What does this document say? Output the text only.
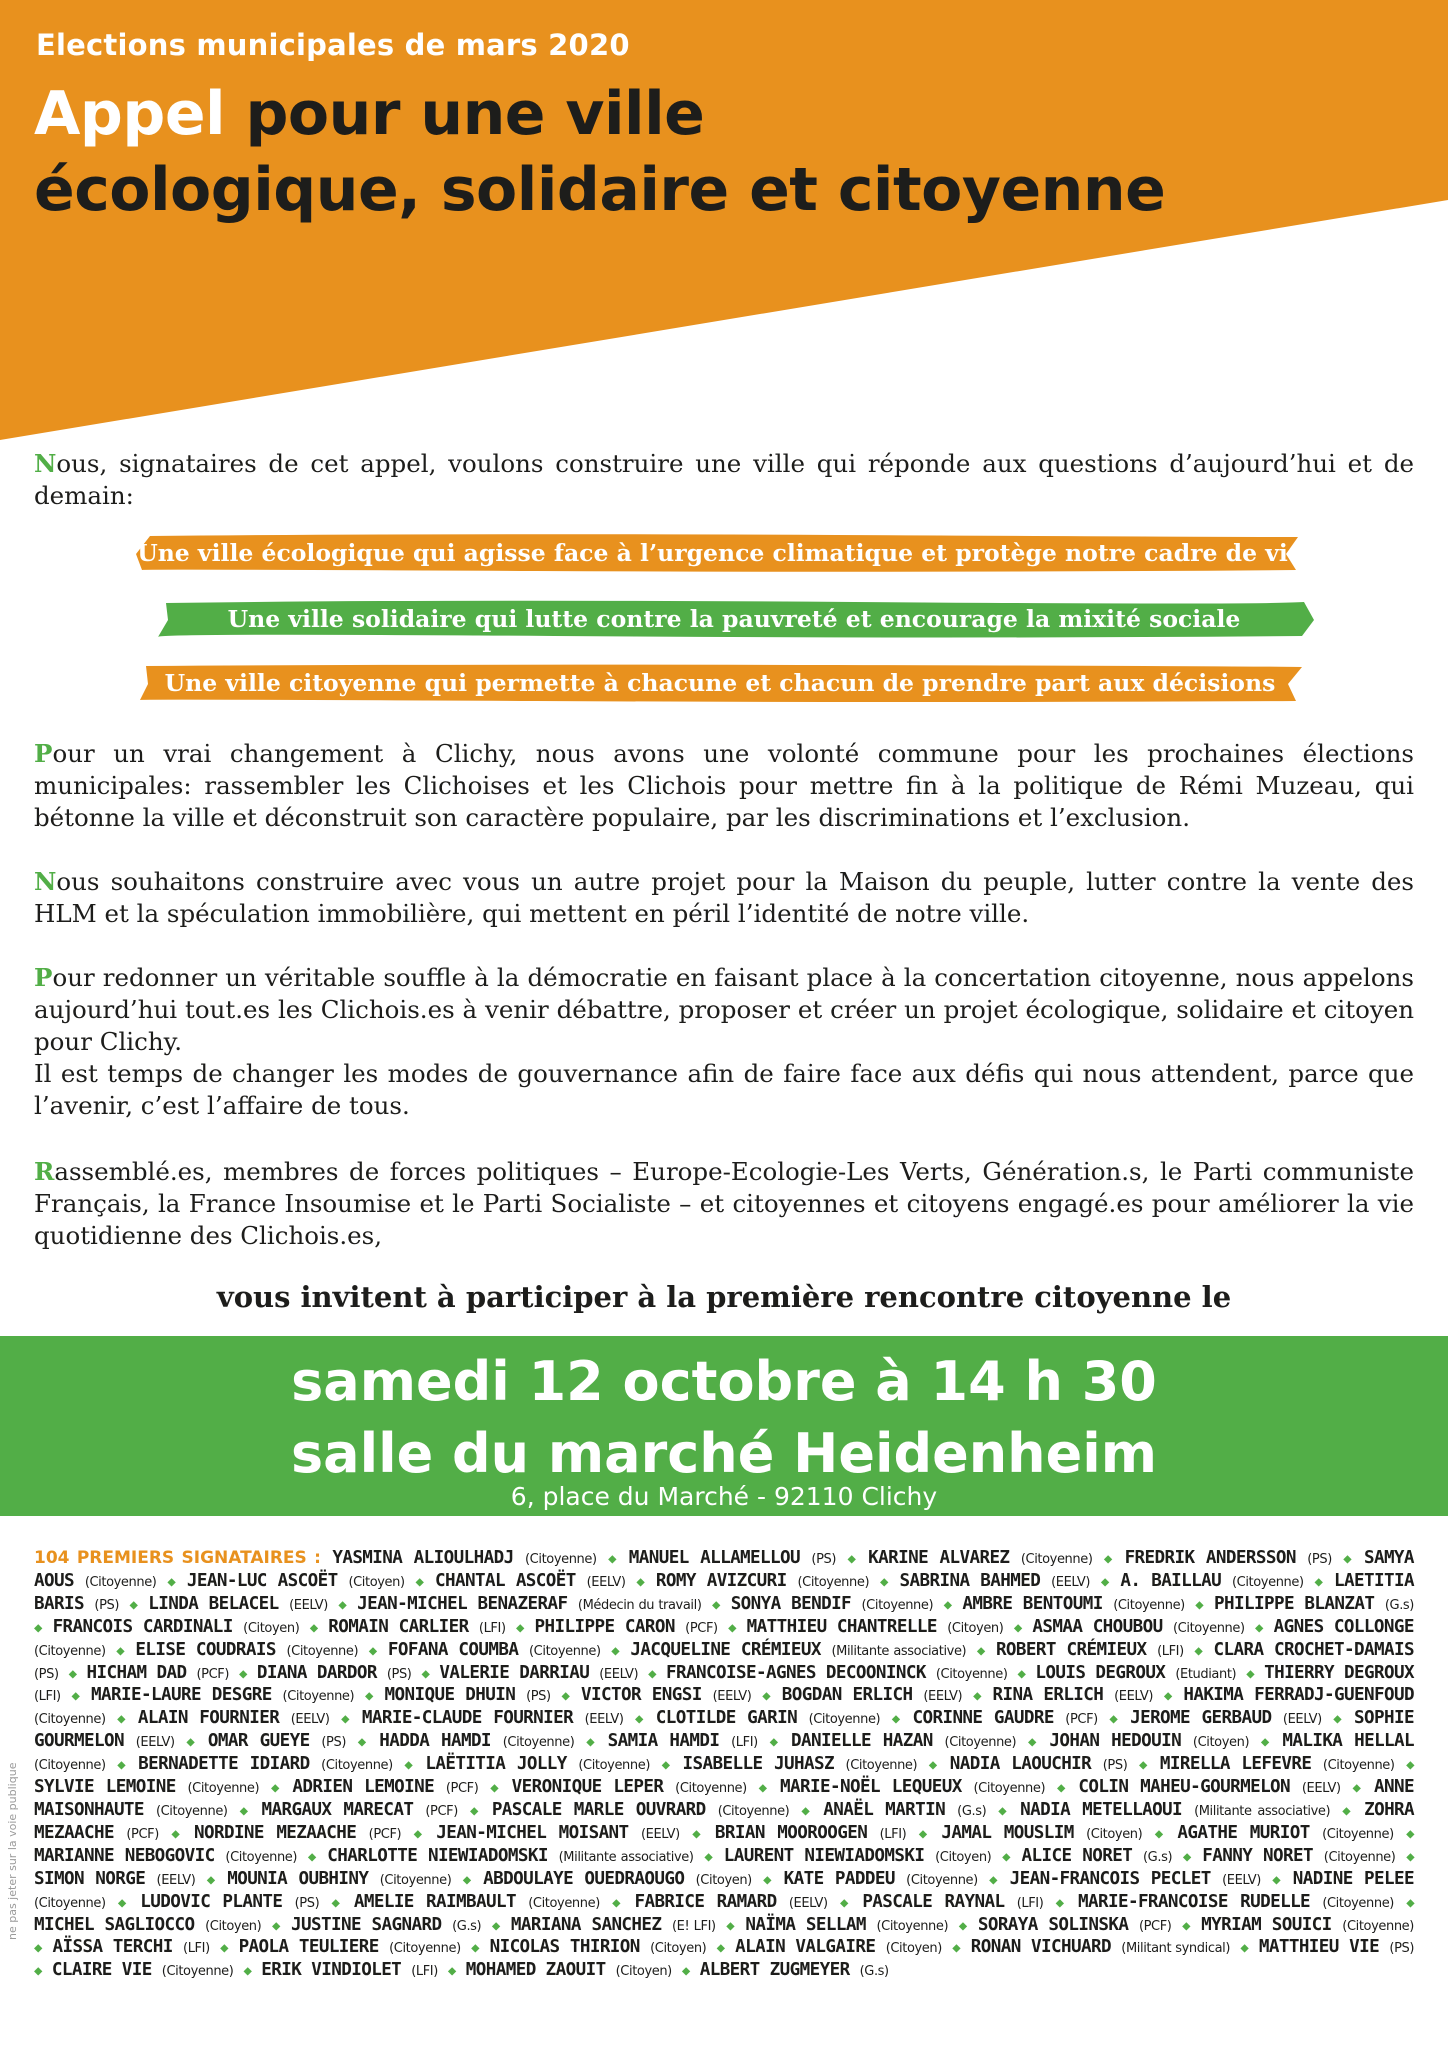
Elections municipales de mars 2020
Appel pour une ville
écologique, solidaire et citoyenne
Nous, signataires de cet appel, voulons construire une ville qui réponde aux questions d’aujourd’hui et de demain:
Une ville écologique qui agisse face à l’urgence climatique et protège notre cadre de vie
Une ville solidaire qui lutte contre la pauvreté et encourage la mixité sociale
Une ville citoyenne qui permette à chacune et chacun de prendre part aux décisions
Pour un vrai changement à Clichy, nous avons une volonté commune pour les prochaines élections municipales: rassembler les Clichoises et les Clichois pour mettre fin à la politique de Rémi Muzeau, qui bétonne la ville et déconstruit son caractère populaire, par les discriminations et l’exclusion.
Nous souhaitons construire avec vous un autre projet pour la Maison du peuple, lutter contre la vente des HLM et la spéculation immobilière, qui mettent en péril l’identité de notre ville.
Pour redonner un véritable souffle à la démocratie en faisant place à la concertation citoyenne, nous appelons aujourd’hui tout.es les Clichois.es à venir débattre, proposer et créer un projet écologique, solidaire et citoyen pour Clichy.
Il est temps de changer les modes de gouvernance afin de faire face aux défis qui nous attendent, parce que l’avenir, c’est l’affaire de tous.
Rassemblé.es, membres de forces politiques – Europe-Ecologie-Les Verts, Génération.s, le Parti communiste Français, la France Insoumise et le Parti Socialiste – et citoyennes et citoyens engagé.es pour améliorer la vie quotidienne des Clichois.es,
vous invitent à participer à la première rencontre citoyenne le
samedi 12 octobre à 14 h 30
salle du marché Heidenheim
6, place du Marché - 92110 Clichy
104 PREMIERS SIGNATAIRES : YASMINA ALIOULHADJ (Citoyenne) ◆ MANUEL ALLAMELLOU (PS) ◆ KARINE ALVAREZ (Citoyenne) ◆ FREDRIK ANDERSSON (PS) ◆ SAMYA AOUS (Citoyenne) ◆ JEAN-LUC ASCOËT (Citoyen) ◆ CHANTAL ASCOËT (EELV) ◆ ROMY AVIZCURI (Citoyenne) ◆ SABRINA BAHMED (EELV) ◆ A. BAILLAU (Citoyenne) ◆ LAETITIA BARIS (PS) ◆ LINDA BELACEL (EELV) ◆ JEAN-MICHEL BENAZERAF (Médecin du travail) ◆ SONYA BENDIF (Citoyenne) ◆ AMBRE BENTOUMI (Citoyenne) ◆ PHILIPPE BLANZAT (G.s) ◆ FRANCOIS CARDINALI (Citoyen) ◆ ROMAIN CARLIER (LFI) ◆ PHILIPPE CARON (PCF) ◆ MATTHIEU CHANTRELLE (Citoyen) ◆ ASMAA CHOUBOU (Citoyenne) ◆ AGNES COLLONGE (Citoyenne) ◆ ELISE COUDRAIS (Citoyenne) ◆ FOFANA COUMBA (Citoyenne) ◆ JACQUELINE CRÉMIEUX (Militante associative) ◆ ROBERT CRÉMIEUX (LFI) ◆ CLARA CROCHET-DAMAIS (PS) ◆ HICHAM DAD (PCF) ◆ DIANA DARDOR (PS) ◆ VALERIE DARRIAU (EELV) ◆ FRANCOISE-AGNES DECOONINCK (Citoyenne) ◆ LOUIS DEGROUX (Etudiant) ◆ THIERRY DEGROUX (LFI) ◆ MARIE-LAURE DESGRE (Citoyenne) ◆ MONIQUE DHUIN (PS) ◆ VICTOR ENGSI (EELV) ◆ BOGDAN ERLICH (EELV) ◆ RINA ERLICH (EELV) ◆ HAKIMA FERRADJ-GUENFOUD (Citoyenne) ◆ ALAIN FOURNIER (EELV) ◆ MARIE-CLAUDE FOURNIER (EELV) ◆ CLOTILDE GARIN (Citoyenne) ◆ CORINNE GAUDRE (PCF) ◆ JEROME GERBAUD (EELV) ◆ SOPHIE GOURMELON (EELV) ◆ OMAR GUEYE (PS) ◆ HADDA HAMDI (Citoyenne) ◆ SAMIA HAMDI (LFI) ◆ DANIELLE HAZAN (Citoyenne) ◆ JOHAN HEDOUIN (Citoyen) ◆ MALIKA HELLAL (Citoyenne) ◆ BERNADETTE IDIARD (Citoyenne) ◆ LAËTITIA JOLLY (Citoyenne) ◆ ISABELLE JUHASZ (Citoyenne) ◆ NADIA LAOUCHIR (PS) ◆ MIRELLA LEFEVRE (Citoyenne) ◆ SYLVIE LEMOINE (Citoyenne) ◆ ADRIEN LEMOINE (PCF) ◆ VERONIQUE LEPER (Citoyenne) ◆ MARIE-NOËL LEQUEUX (Citoyenne) ◆ COLIN MAHEU-GOURMELON (EELV) ◆ ANNE MAISONHAUTE (Citoyenne) ◆ MARGAUX MARECAT (PCF) ◆ PASCALE MARLE OUVRARD (Citoyenne) ◆ ANAËL MARTIN (G.s) ◆ NADIA METELLAOUI (Militante associative) ◆ ZOHRA MEZAACHE (PCF) ◆ NORDINE MEZAACHE (PCF) ◆ JEAN-MICHEL MOISANT (EELV) ◆ BRIAN MOOROOGEN (LFI) ◆ JAMAL MOUSLIM (Citoyen) ◆ AGATHE MURIOT (Citoyenne) ◆ MARIANNE NEBOGOVIC (Citoyenne) ◆ CHARLOTTE NIEWIADOMSKI (Militante associative) ◆ LAURENT NIEWIADOMSKI (Citoyen) ◆ ALICE NORET (G.s) ◆ FANNY NORET (Citoyenne) ◆ SIMON NORGE (EELV) ◆ MOUNIA OUBHINY (Citoyenne) ◆ ABDOULAYE OUEDRAOUGO (Citoyen) ◆ KATE PADDEU (Citoyenne) ◆ JEAN-FRANCOIS PECLET (EELV) ◆ NADINE PELEE (Citoyenne) ◆ LUDOVIC PLANTE (PS) ◆ AMELIE RAIMBAULT (Citoyenne) ◆ FABRICE RAMARD (EELV) ◆ PASCALE RAYNAL (LFI) ◆ MARIE-FRANCOISE RUDELLE (Citoyenne) ◆ MICHEL SAGLIOCCO (Citoyen) ◆ JUSTINE SAGNARD (G.s) ◆ MARIANA SANCHEZ (E! LFI) ◆ NAÏMA SELLAM (Citoyenne) ◆ SORAYA SOLINSKA (PCF) ◆ MYRIAM SOUICI (Citoyenne) ◆ AÏSSA TERCHI (LFI) ◆ PAOLA TEULIERE (Citoyenne) ◆ NICOLAS THIRION (Citoyen) ◆ ALAIN VALGAIRE (Citoyen) ◆ RONAN VICHUARD (Militant syndical) ◆ MATTHIEU VIE (PS) ◆ CLAIRE VIE (Citoyenne) ◆ ERIK VINDIOLET (LFI) ◆ MOHAMED ZAOUIT (Citoyen) ◆ ALBERT ZUGMEYER (G.s)
ne pas jeter sur la voie publique
